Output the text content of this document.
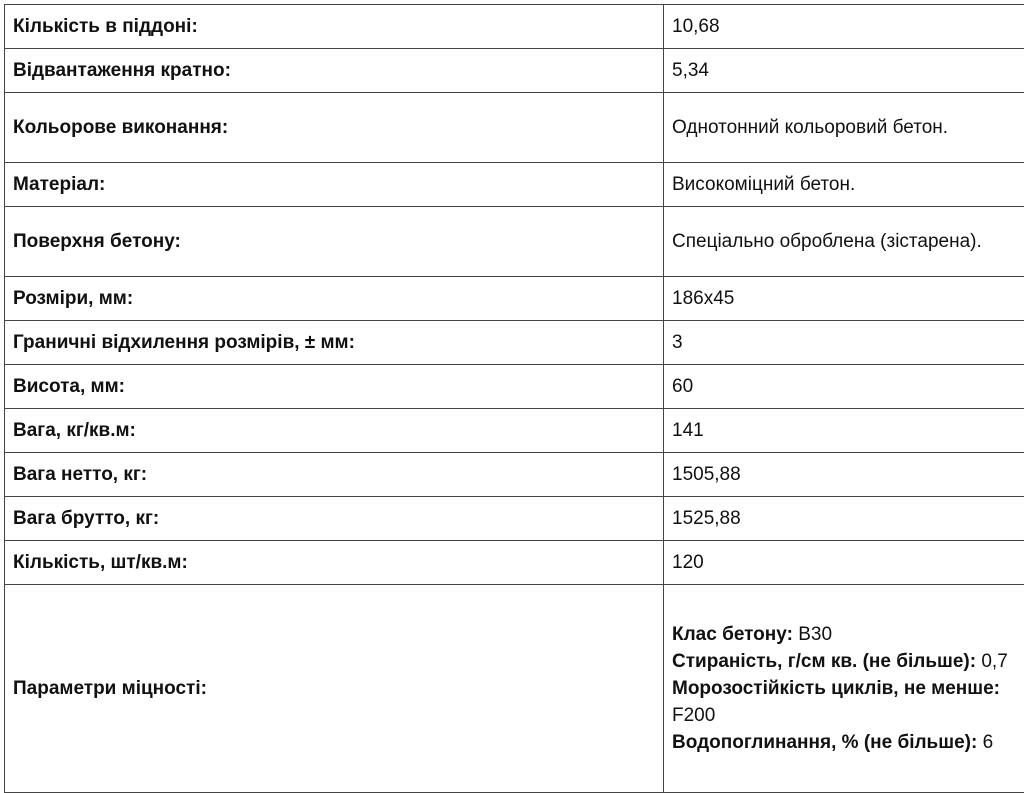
Кількість в піддоні:	10,68
Відвантаження кратно:	5,34
Кольорове виконання:	Однотонний кольоровий бетон.
Матеріал:	Високоміцний бетон.
Поверхня бетону:	Спеціально оброблена (зістарена).
Розміри, мм:	186x45
Граничні відхилення розмірів, ± мм:	3
Висота, мм:	60
Вага, кг/кв.м:	141
Вага нетто, кг:	1505,88
Вага брутто, кг:	1525,88
Кількість, шт/кв.м:	120
Параметри міцності:	Клас бетону: B30
Стираність, г/см кв. (не більше): 0,7
Морозостійкість циклів, не менше: F200
Водопоглинання, % (не більше): 6
